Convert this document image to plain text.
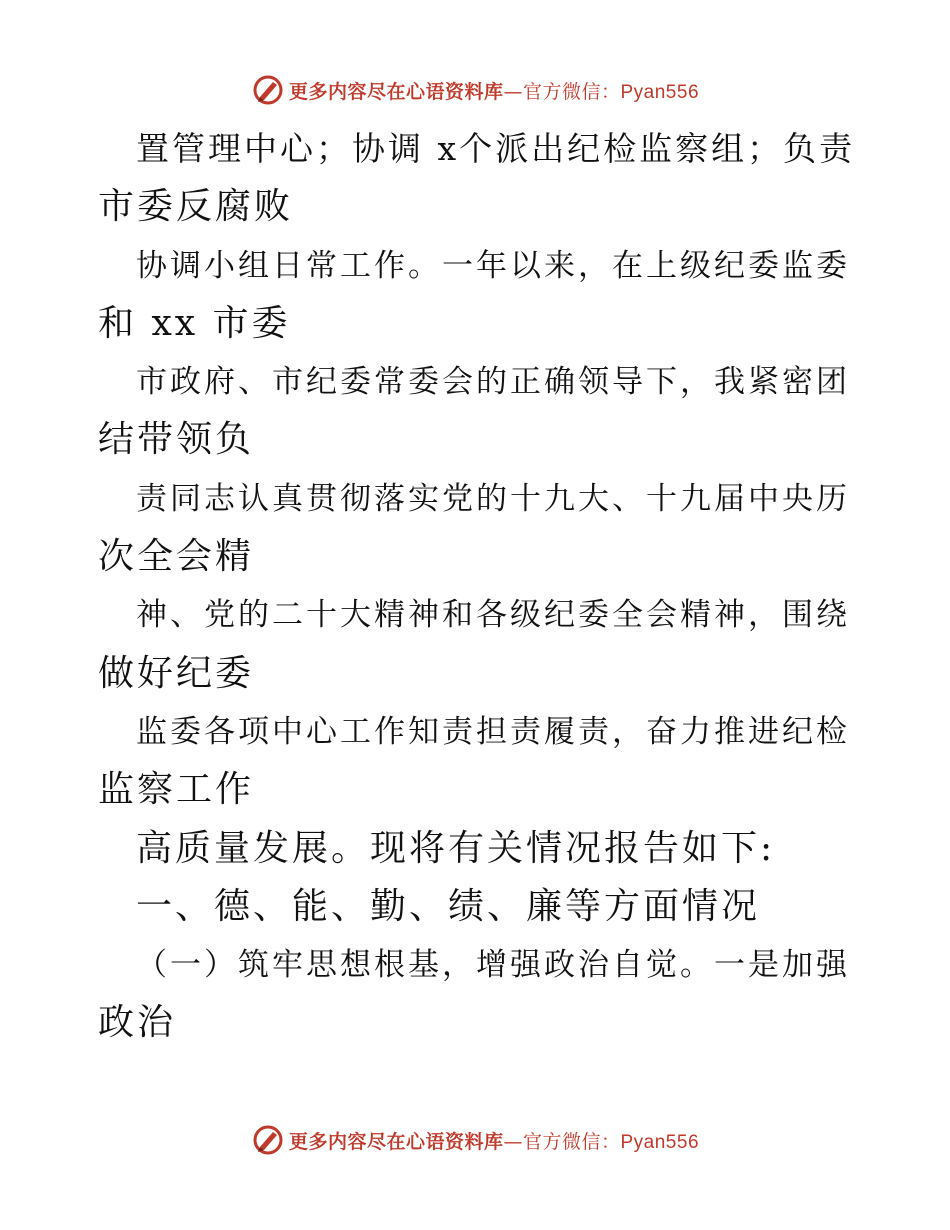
更多内容尽在心语资料库—官方微信：Pyan556
置管理中心；协调 x个派出纪检监察组；负责
市委反腐败
协调小组日常工作。一年以来，在上级纪委监委
和 xx 市委
市政府、市纪委常委会的正确领导下，我紧密团
结带领负
责同志认真贯彻落实党的十九大、十九届中央历
次全会精
神、党的二十大精神和各级纪委全会精神，围绕
做好纪委
监委各项中心工作知责担责履责，奋力推进纪检
监察工作
高质量发展。现将有关情况报告如下:
一、德、能、勤、绩、廉等方面情况
（一）筑牢思想根基，增强政治自觉。一是加强
政治
更多内容尽在心语资料库—官方微信：Pyan556
